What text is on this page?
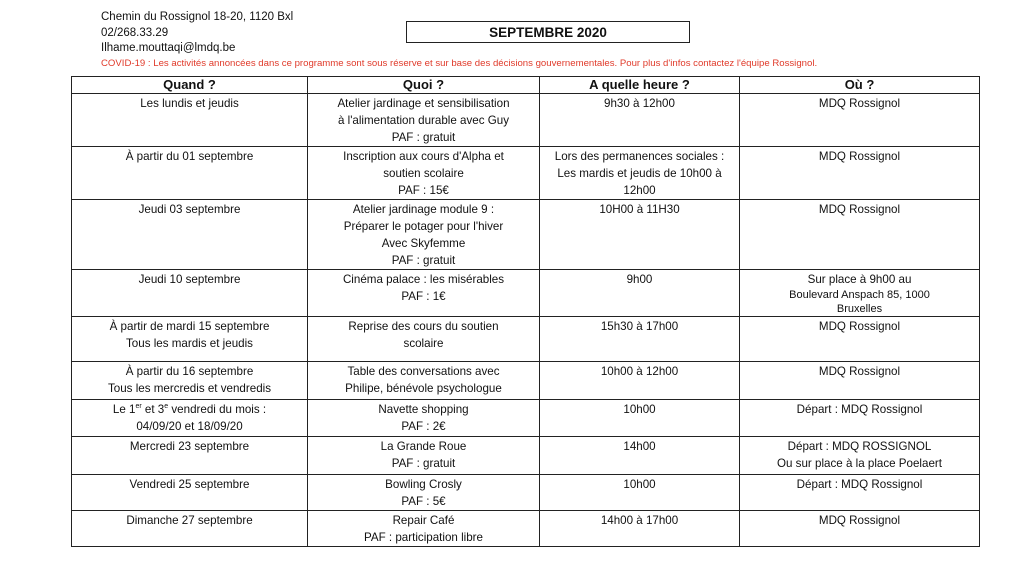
Chemin du Rossignol 18-20, 1120 Bxl
02/268.33.29
Ilhame.mouttaqi@lmdq.be
SEPTEMBRE 2020
COVID-19 : Les activités annoncées dans ce programme sont sous réserve et sur base des décisions gouvernementales. Pour plus d'infos contactez l'équipe Rossignol.
Quand ?	Quoi ?	A quelle heure ?	Où ?

Les lundis et jeudis	Atelier jardinage et sensibilisation
à l'alimentation durable avec Guy
PAF : gratuit	9h30 à 12h00	MDQ Rossignol

À partir du 01 septembre	Inscription aux cours d'Alpha et
soutien scolaire
PAF : 15€	Lors des permanences sociales :
Les mardis et jeudis de 10h00 à
12h00	MDQ Rossignol

Jeudi 03 septembre	Atelier jardinage module 9 :
Préparer le potager pour l'hiver
Avec Skyfemme
PAF : gratuit	10H00 à 11H30	MDQ Rossignol

Jeudi 10 septembre	Cinéma palace : les misérables
PAF : 1€	9h00	Sur place à 9h00 au
Boulevard Anspach 85, 1000
Bruxelles

À partir de mardi 15 septembre
Tous les mardis et jeudis	Reprise des cours du soutien
scolaire	15h30 à 17h00	MDQ Rossignol

À partir du 16 septembre
Tous les mercredis et vendredis	Table des conversations avec
Philipe, bénévole psychologue	10h00 à 12h00	MDQ Rossignol

Le 1er et 3e vendredi du mois :
04/09/20 et 18/09/20	Navette shopping
PAF : 2€	10h00	Départ : MDQ Rossignol

Mercredi 23 septembre	La Grande Roue
PAF : gratuit	14h00	Départ : MDQ ROSSIGNOL
Ou sur place à la place Poelaert

Vendredi 25 septembre	Bowling Crosly
PAF : 5€	10h00	Départ : MDQ Rossignol

Dimanche 27 septembre	Repair Café
PAF : participation libre	14h00 à 17h00	MDQ Rossignol
